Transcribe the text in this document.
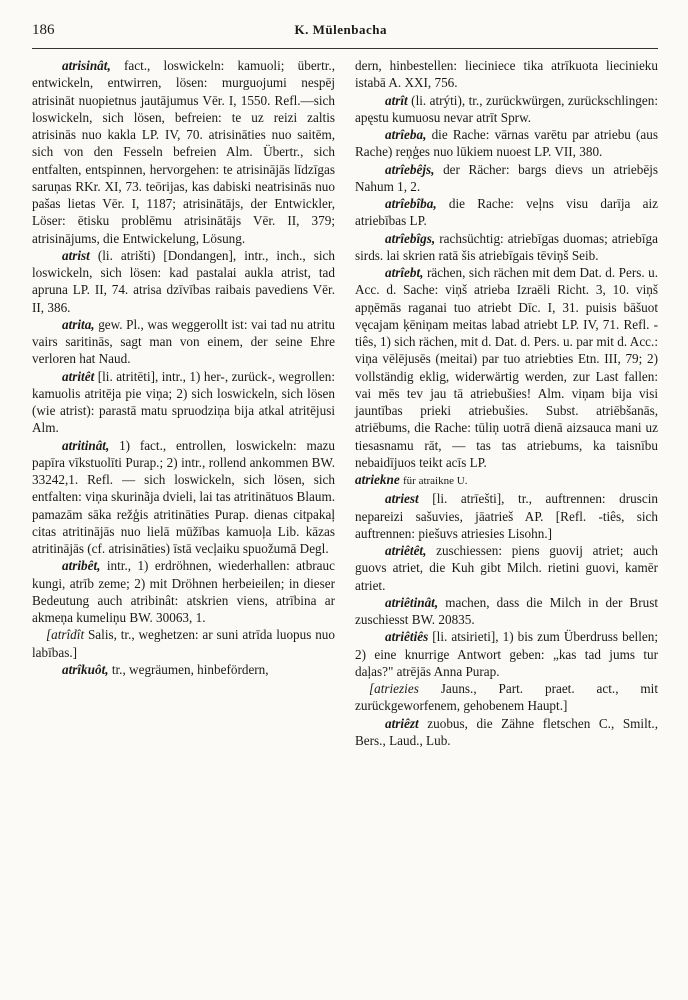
186	K. Mülenbacha

atrisinât, fact., loswickeln: kamuoli; übertr., entwickeln, entwirren, lösen: murguojumi nespēj atrisināt nuopietnus jautājumus Vēr. I, 1550. Refl.—sich loswickeln, sich lösen, befreien: te uz reizi zaltis atrisinās nuo kakla LP. IV, 70. atrisināties nuo saitēm, sich von den Fesseln befreien Alm. Übertr., sich entfalten, entspinnen, hervorgehen: te atrisinājās līdzīgas saruņas RKr. XI, 73. teōrijas, kas dabiski neatrisinās nuo pašas lietas Vēr. I, 1187; atrisinātājs, der Entwickler, Löser: ētisku problēmu atrisinātājs Vēr. II, 379; atrisinājums, die Entwickelung, Lösung.

atrist (li. atrišti) [Dondangen], intr., inch., sich loswickeln, sich lösen: kad pastalai aukla atrist, tad apruna LP. II, 74. atrisa dzīvības raibais pavediens Vēr. II, 386.

atrita, gew. Pl., was weggerollt ist: vai tad nu atritu vairs saritinās, sagt man von einem, der seine Ehre verloren hat Naud.

atritêt [li. atritēti], intr., 1) her-, zurück-, wegrollen: kamuolis atritēja pie viņa; 2) sich loswickeln, sich lösen (wie atrist): parastā matu spruodziņa bija atkal atritējusi Alm.

atritinât, 1) fact., entrollen, loswickeln: mazu papīra vīkstuolīti Purap.; 2) intr., rollend ankommen BW. 33242,1. Refl. — sich loswickeln, sich lösen, sich entfalten: viņa skurinãja dvieli, lai tas atritinātuos Blaum. pamazām sāka režģis atritināties Purap. dienas citpakaļ citas atritinājās nuo lielā mūžības kamuoļa Lib. kāzas atritinājās (cf. atrisināties) īstā vecļaiku spuožumā Degl.

atribêt, intr., 1) erdröhnen, wiederhallen: atbrauc kungi, atrīb zeme; 2) mit Dröhnen herbeieilen; in dieser Bedeutung auch atribinât: atskrien viens, atrībina ar akmeņa kumeliņu BW. 30063, 1.

[atrîdît Salis, tr., weghetzen: ar suni atrīda luopus nuo labības.]

atrîkuôt, tr., wegräumen, hinbefördern,

dern, hinbestellen: lieciniece tika atrīkuota liecinieku istabā A. XXI, 756.

atrît (li. atrýti), tr., zurückwürgen, zurückschlingen: apęstu kumuosu nevar atrīt Sprw.

atrîeba, die Rache: vārnas varētu par atriebu (aus Rache) reņģes nuo lūkiem nuoest LP. VII, 380.

atrîebêjs, der Rächer: bargs dievs un atriebējs Nahum 1, 2.

atrîebîba, die Rache: veļns visu darīja aiz atriebības LP.

atrîebîgs, rachsüchtig: atriebīgas duomas; atriebīga sirds. lai skrien ratā šis atriebīgais tēviņš Seib.

atrîebt, rächen, sich rächen mit dem Dat. d. Pers. u. Acc. d. Sache: viņš atrieba Izraēli Richt. 3, 10. viņš apņēmās raganai tuo atriebt Dīc. I, 31. puisis bāšuot vęcajam ķēniņam meitas labad atriebt LP. IV, 71. Refl. -tiês, 1) sich rächen, mit d. Dat. d. Pers. u. par mit d. Acc.: viņa vēlējusēs (meitai) par tuo atriebties Etn. III, 79; 2) vollständig eklig, widerwärtig werden, zur Last fallen: vai mēs tev jau tā atriebušies! Alm. viņam bija visi jauntības prieki atriebušies. Subst. atriēbšanās, atriēbums, die Rache: tūliņ uotrā dienā aizsauca mani uz tiesasnamu rāt, — tas tas atriebums, ka taisnību nebaidījuos teikt acīs LP.

atriekne für atraikne U.

atriest [li. atrīešti], tr., auftrennen: druscin nepareizi sašuvies, jāatrieš AP. [Refl. -tiês, sich auftrennen: piešuvs atriesies Lisohn.]

atriêtêt, zuschiessen: piens guovij atriet; auch guovs atriet, die Kuh gibt Milch. rietini guovi, kamēr atriet.

atriêtinât, machen, dass die Milch in der Brust zuschiesst BW. 20835.

atriêtiês [li. atsirieti], 1) bis zum Überdruss bellen; 2) eine knurrige Antwort geben: „kas tad jums tur daļas?" atrējās Anna Purap.

[atriezies Jauns., Part. praet. act., mit zurückgeworfenem, gehobenem Haupt.]

atriêzt zuobus, die Zähne fletschen C., Smilt., Bers., Laud., Lub.
